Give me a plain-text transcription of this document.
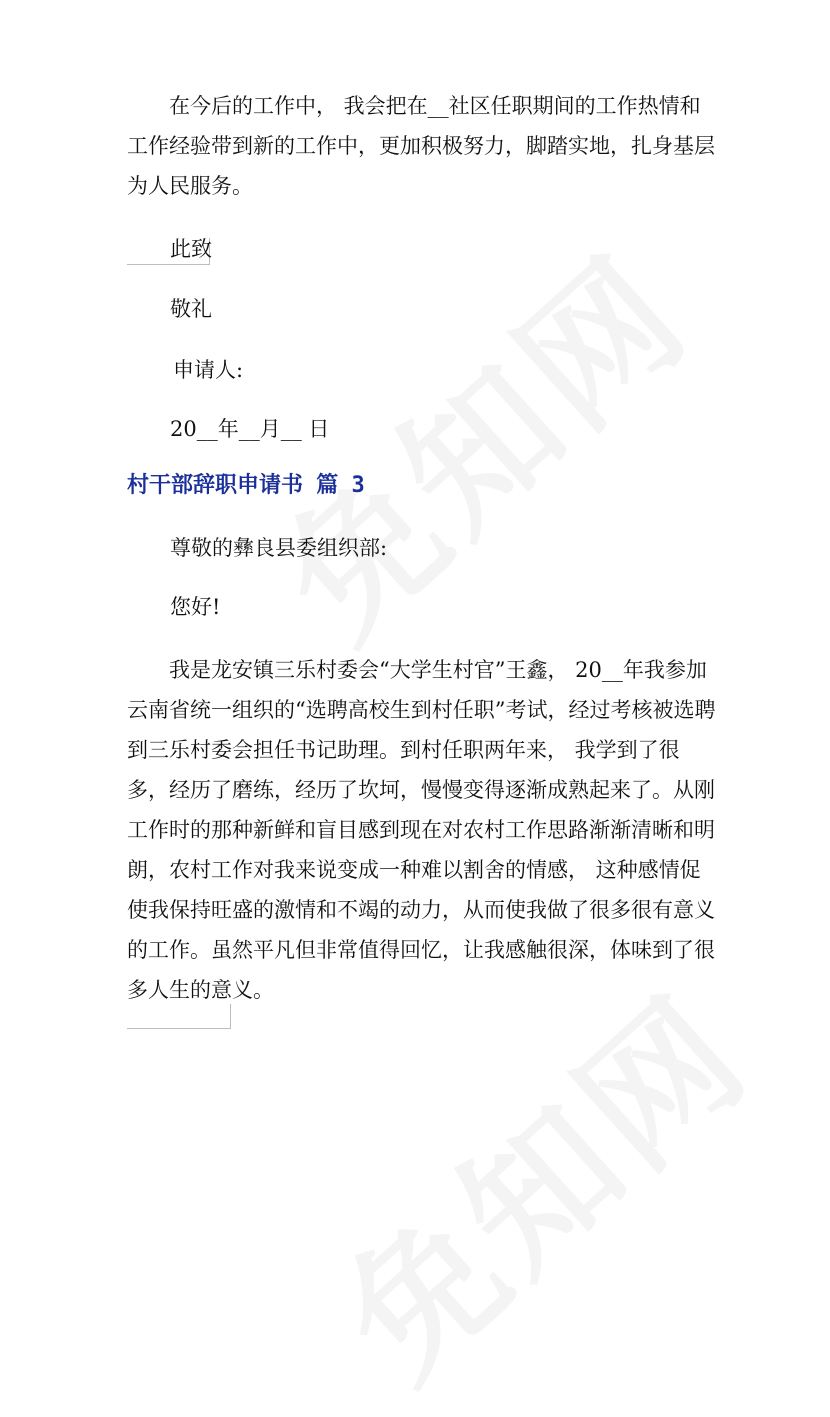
在今后的工作中， 我会把在__社区任职期间的工作热情和工作经验带到新的工作中，更加积极努力，脚踏实地，扎身基层为人民服务。

此致

敬礼

申请人:

20__年__月__ 日

村干部辞职申请书 篇 3

尊敬的彝良县委组织部:

您好!

我是龙安镇三乐村委会“大学生村官”王鑫， 20__年我参加云南省统一组织的“选聘高校生到村任职”考试，经过考核被选聘到三乐村委会担任书记助理。到村任职两年来， 我学到了很多，经历了磨练，经历了坎坷，慢慢变得逐渐成熟起来了。从刚工作时的那种新鲜和盲目感到现在对农村工作思路渐渐清晰和明朗，农村工作对我来说变成一种难以割舍的情感， 这种感情促使我保持旺盛的激情和不竭的动力，从而使我做了很多很有意义的工作。虽然平凡但非常值得回忆，让我感触很深，体味到了很多人生的意义。
